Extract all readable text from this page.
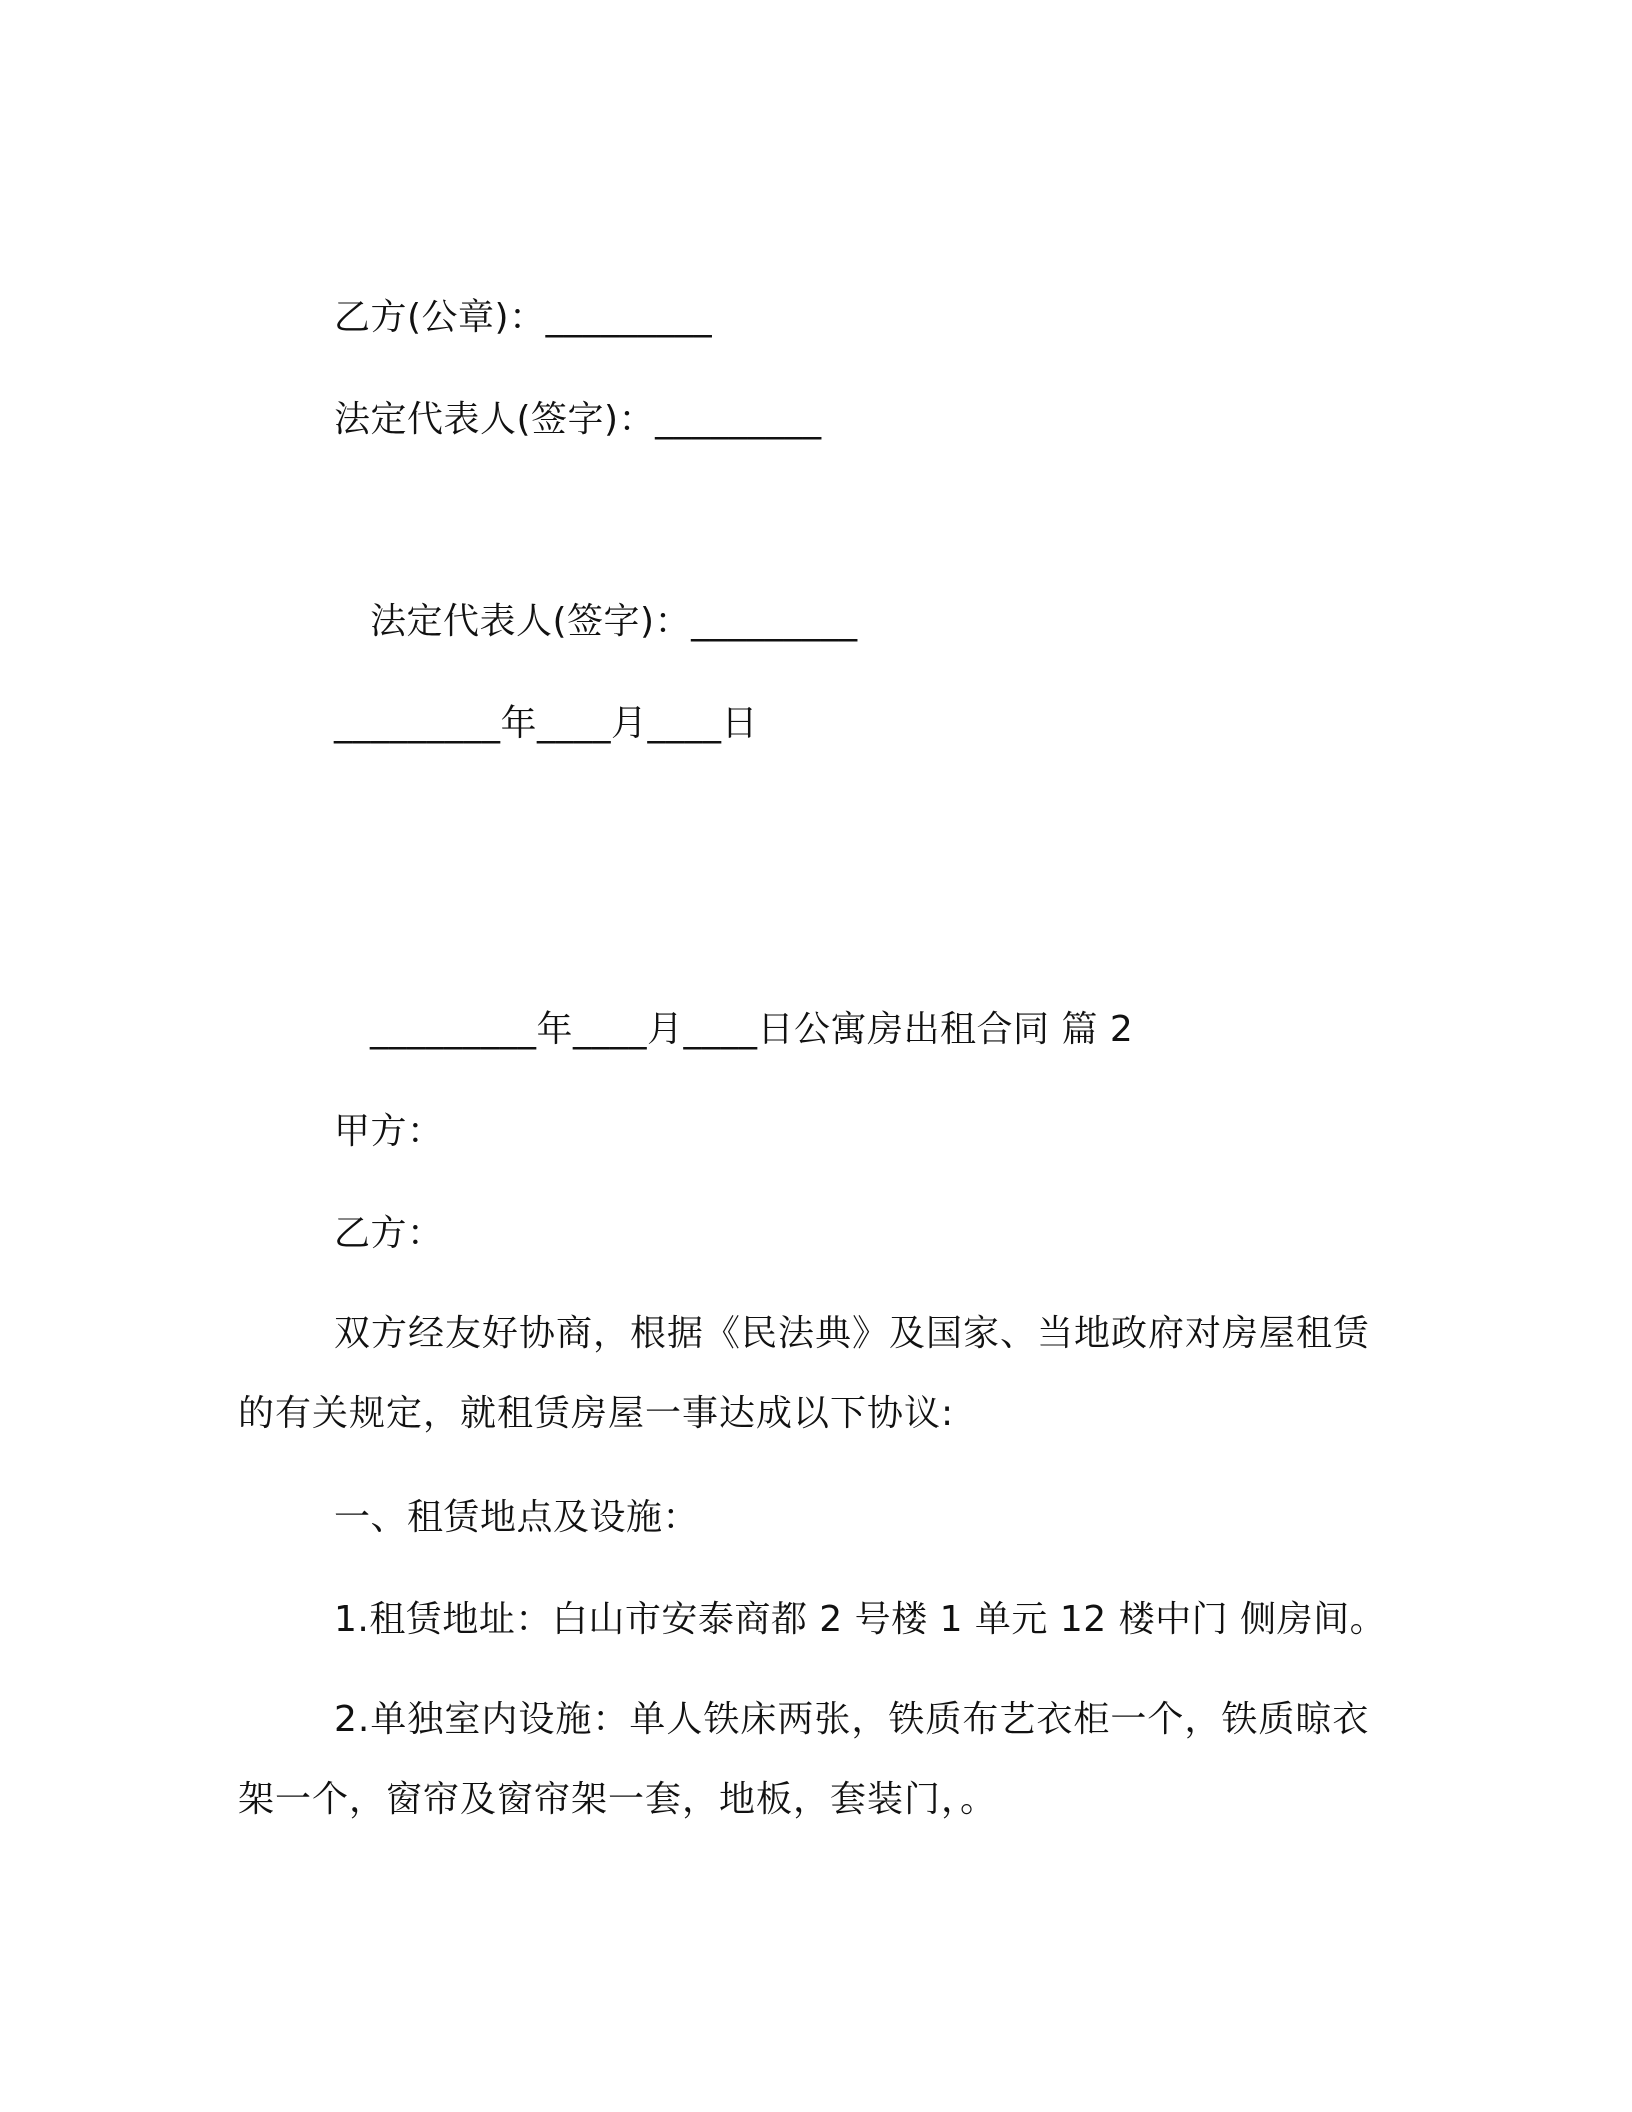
乙方(公章)：_________
法定代表人(签字)：_________
法定代表人(签字)：_________
_________年____月____日
_________年____月____日公寓房出租合同 篇 2
甲方：
乙方：
双方经友好协商，根据《民法典》及国家、当地政府对房屋租赁的有关规定，就租赁房屋一事达成以下协议:
一、租赁地点及设施：
1.租赁地址：白山市安泰商都 2 号楼 1 单元 12 楼中门 侧房间。
2.单独室内设施：单人铁床两张，铁质布艺衣柜一个，铁质晾衣架一个，窗帘及窗帘架一套，地板，套装门，。
